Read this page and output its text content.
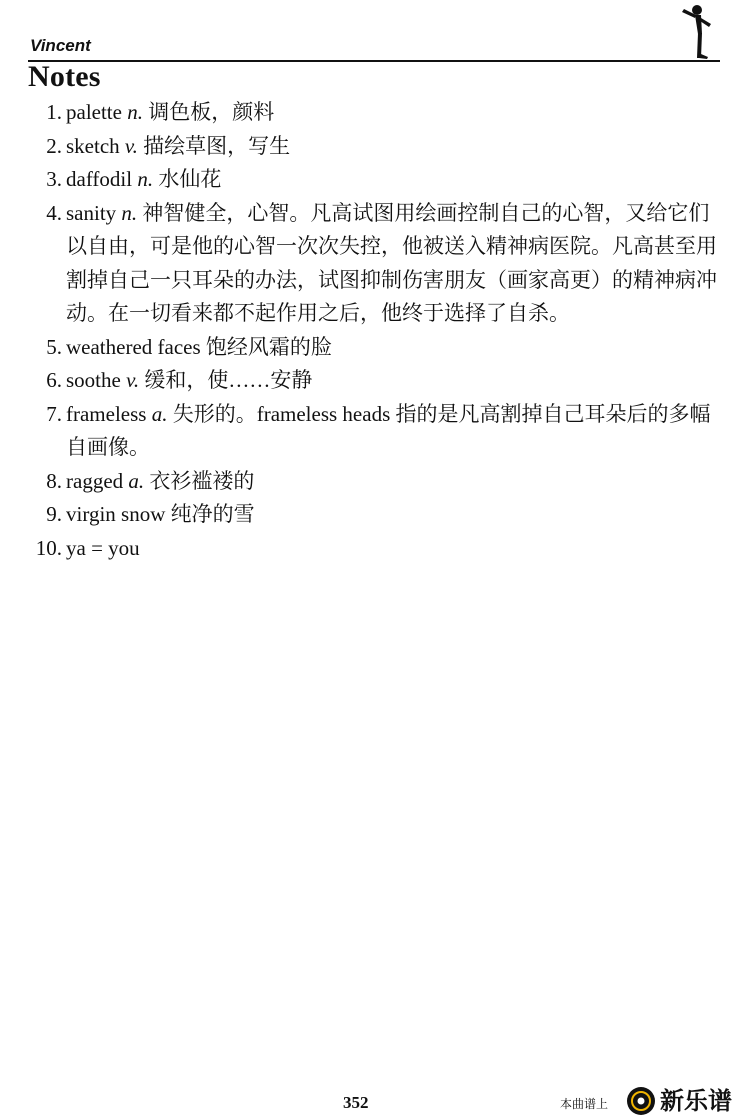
Vincent
Notes
1. palette n. 调色板，颜料
2. sketch v. 描绘草图，写生
3. daffodil n. 水仙花
4. sanity n. 神智健全，心智。凡高试图用绘画控制自己的心智，又给它们以自由，可是他的心智一次次失控，他被送入精神病医院。凡高甚至用割掉自己一只耳朵的办法，试图抑制伤害朋友（画家高更）的精神病冲动。在一切看来都不起作用之后，他终于选择了自杀。
5. weathered faces 饱经风霜的脸
6. soothe v. 缓和，使……安静
7. frameless a. 失形的。frameless heads 指的是凡高割掉自己耳朵后的多幅自画像。
8. ragged a. 衣衫褴褛的
9. virgin snow 纯净的雪
10. ya = you
352	本曲谱上 新乐谱
